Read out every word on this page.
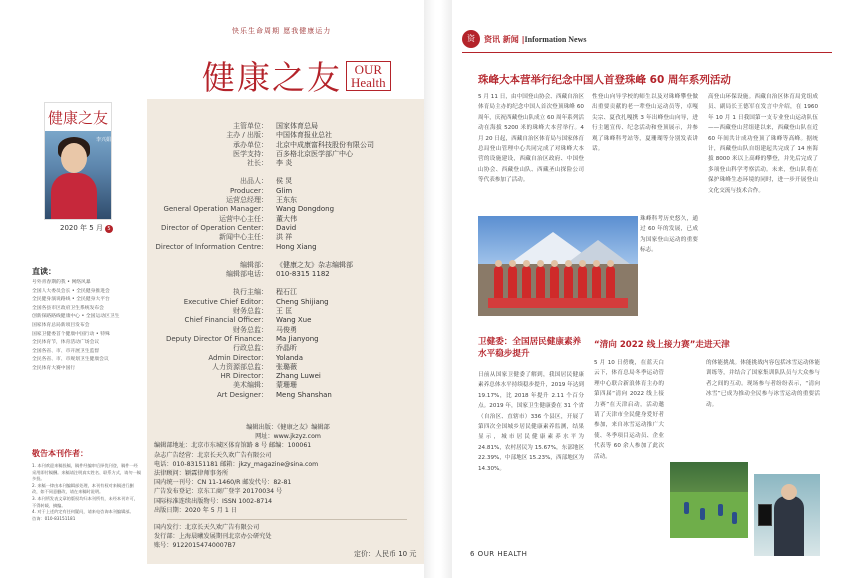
快乐生命周期 愿我健康运力
健康之友 OUR
Health
健康之友
李兴娟
2020 年 5 月 5
直读：
号外青春期的我 • 网络风暴
全国人大委员会长 • 全民健身推进会
全民健身演说路线 • 全民健身大平台
全国各县市区政府卫生系统发布会
创新探路路线健康中心 • 全国运动区卫生
国家体育总局新项目发布会
国家卫健委首个健康中国行动 • 特殊
全民体育节，体育活动广场会议
全国各省、市、市开展卫生监督
全民各省、市、市规划卫生健康会议
全民体育大赛中国行
敬告本刊作者：
1. 本刊欢迎来稿投稿，稿件经编审后择优刊登，稿件一经采用即付稿酬。来稿请注明真实姓名、联系方式，请勿一稿多投。
2. 来稿一律由本刊编辑部处理，本刊有权对来稿进行删改，如不同意删改，请在来稿时说明。
3. 本刊所发表文章的版权均归本刊所有，未经本刊许可，不得转载、摘编。
4. 对于上述约定有任何疑问，请来电咨询本刊编辑部。
咨询：010-83151181
主管单位：	国家体育总局
主办 / 出版：	中国体育报业总社
承办单位：	北京中成康富科技股份有限公司
医学支持：	百多格北京医学部广中心
社长：	李 炎
出品人：	侯 炅
Producer：	Glim
运营总经理：	王东东
General Operation Manager：	Wang Dongdong
运营中心主任：	董大伟
Director of Operation Center：	David
新闻中心主任：	洪 祥
Director of Information Centre：	Hong Xiang
编辑部：	《健康之友》杂志编辑部
编辑部电话：	010-8315 1182
执行主编：	程石江
Executive Chief Editor：	Cheng Shijiang
财务总监：	王 匡
Chief Financial Officer：	Wang Xue
财务总监：	马俊勇
Deputy Director Of Finance：	Ma Jianyong
行政总监：	乔晶昕
Admin Director：	Yolanda
人力资源部总监：	张璐薇
HR Director：	Zhang Luwei
美术编辑：	蒙珊珊
Art Designer：	Meng Shanshan
编辑出版：《健康之友》编辑部
网址：www.jkzyz.com
编辑部地址：北京市东城区体育馆路 8 号 邮编：100061
杂志广告经营：北京长天久欢广告有限公司
电话：010-83151181 邮箱：jkzy_magazine@sina.com
法律顾问：颖霖律师事务所
国内统一刊号：CN 11-1460/R 邮发代号：82-81
广告发布登记：京东工商广登字 20170034 号
国际标准连续出版物号：ISSN 1002-8714
出版日期：2020 年 5 月 1 日
国内发行：北京长天久欢广告有限公司
发行部：上海晨曦发展期刊北京办公研究处
账号：91220154740007B7
定价：人民币 10 元
资	资讯 新闻 | Information News
珠峰大本营举行纪念中国人首登珠峰 60 周年系列活动
5 月 11 日，由中国登山协会、西藏自治区体育局主办的纪念中国人首次登顶珠峰 60 周年，庆祝西藏登山队成立 60 周年系列活动在海拔 5200 米的珠峰大本营举行。4 月 20 日起，西藏自治区体育局与国家体育总局登山管理中心共同完成了对珠峰大本营的设施建设，西藏自治区政府、中国登山协会、西藏登山队、西藏圣山探险公司等代表参加了活动。
性登山向导学校的师生以及对珠峰攀登做出重要贡献的老一辈登山运动员等，卓嘎尖宗、夏孜扎嘎携 3 年出峰登山向导，进行主题宣传、纪念活动和登顶展示，并参观了珠峰科考站等，夏珊瑚等分别发表讲话。
珠峰科考历史悠久，通过 60 年的发展，已成为国家登山运动的重要标志。
高登山环保设施。西藏自治区体育局党组成员、副局长王德军在发言中介绍，在 1960 年 10 月 1 日我国第一支专业登山运动队伍——西藏登山营组建以来，西藏登山队在近 60 年间共计成功登顶了珠峰等高峰。据统计，西藏登山队自组建起共完成了 14 座海拔 8000 米以上高峰的攀登，并先后完成了多项登山科学考察活动。未来，登山队将在保护珠峰生态环境的同时，进一步开展登山文化交流与技术合作。
卫健委：全国居民健康素养水平稳步提升
日前从国家卫健委了解到，我国居民健康素养总体水平持续稳步提升，2019 年达到 19.17%，比 2018 年提升 2.11 个百分点。2019 年，国家卫生健康委在 31 个省（自治区、直辖市）336 个县区，开展了第四次全国城乡居民健康素养监测，结果显示，城市居民健康素养水平为 24.81%，农村居民为 15.67%，东部地区 22.39%，中部地区 15.23%，西部地区为 14.30%。
“清向 2022 线上接力赛”走进天津
5 月 10 日傍晚，在蓝天白云下，体育总局冬季运动管理中心联合新浪体育主办的第四届“清向 2022 线上接力赛”在天津启动，活动邀请了天津市全民健身爱好者参加，来自冰雪运动推广大使、冬季项目运动员、企业代表等 60 余人参加了此次活动。
的体能挑战。体能挑战内容包括冰雪运动体能训练等，并结合了国家集训队队员与大众参与者之间的互动。现场参与者纷纷表示，“清向冰雪”已成为推动全民参与冰雪运动的重要活动。
6 OUR HEALTH
